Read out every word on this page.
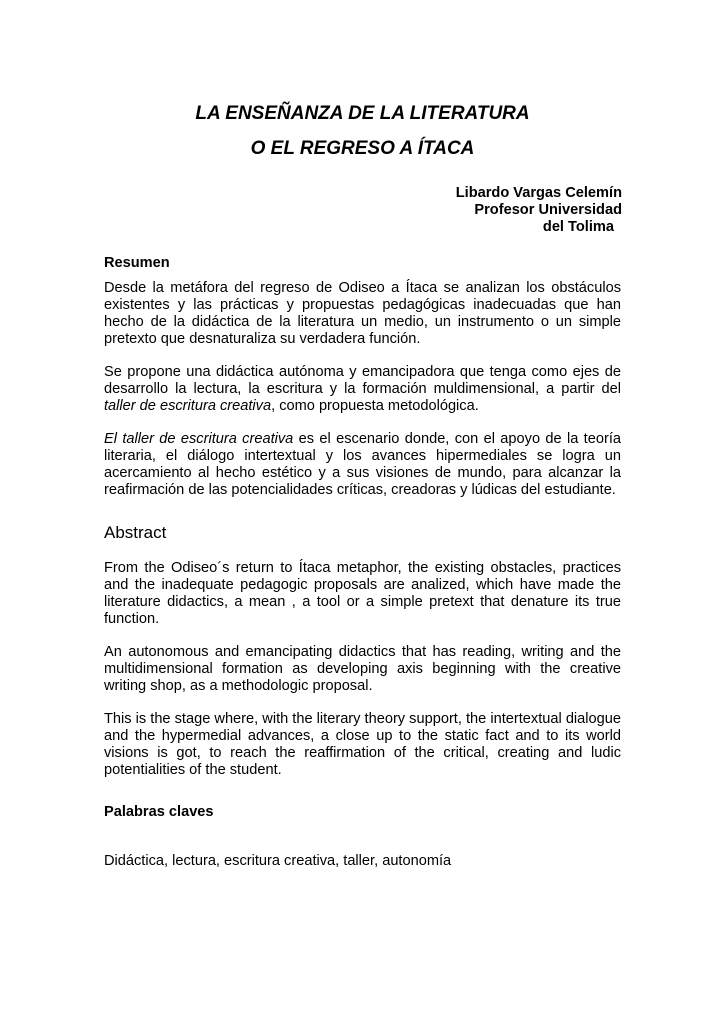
LA ENSEÑANZA DE LA LITERATURA
O EL REGRESO A ÍTACA
Libardo Vargas Celemín
Profesor Universidad
del Tolima
Resumen
Desde la metáfora del regreso de Odiseo a Ítaca se analizan los obstáculos existentes y las prácticas y propuestas pedagógicas inadecuadas que han hecho de la didáctica de la literatura un medio, un instrumento o un simple pretexto que desnaturaliza su verdadera función.
Se propone una didáctica autónoma y emancipadora que tenga como ejes de desarrollo la lectura, la escritura y la formación muldimensional, a partir del taller de escritura creativa, como propuesta metodológica.
El taller de escritura creativa es el escenario donde, con el apoyo de la teoría literaria, el diálogo intertextual y los avances hipermediales se logra un acercamiento al hecho estético y a sus visiones de mundo, para alcanzar la reafirmación de las potencialidades críticas, creadoras y lúdicas del estudiante.
Abstract
From the Odiseo´s return to Ítaca metaphor, the existing obstacles, practices and the inadequate pedagogic proposals are analized, which have made the literature didactics, a mean , a tool or a simple pretext that denature its true function.
An autonomous and emancipating didactics that has reading, writing and the multidimensional formation as developing axis beginning with the creative writing shop, as a methodologic proposal.
This is the stage where, with the literary theory support, the intertextual dialogue and the hypermedial advances, a close up to the static fact and to its world visions is got, to reach the reaffirmation of the critical, creating and ludic potentialities of the student.
Palabras claves
Didáctica, lectura, escritura creativa, taller, autonomía
